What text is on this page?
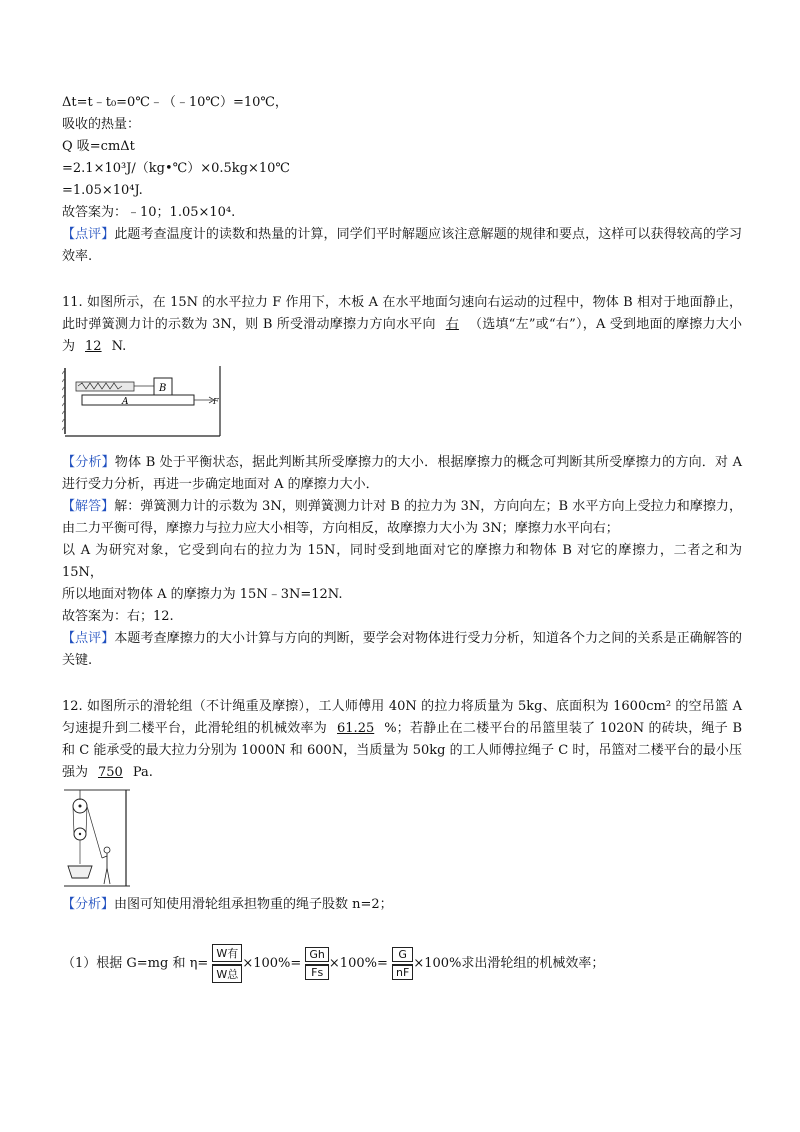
Δt=t﹣t₀=0℃﹣（﹣10℃）=10℃，
吸收的热量：
Q 吸=cmΔt
=2.1×10³J/（kg•℃）×0.5kg×10℃
=1.05×10⁴J.
故答案为：﹣10；1.05×10⁴.
【点评】此题考查温度计的读数和热量的计算，同学们平时解题应该注意解题的规律和要点，这样可以获得较高的学习效率.
11. 如图所示，在 15N 的水平拉力 F 作用下，木板 A 在水平地面匀速向右运动的过程中，物体 B 相对于地面静止，此时弹簧测力计的示数为 3N，则 B 所受滑动摩擦力方向水平向 右 （选填“左”或“右”），A 受到地面的摩擦力大小为 12 N.
B
A	F
【分析】物体 B 处于平衡状态，据此判断其所受摩擦力的大小．根据摩擦力的概念可判断其所受摩擦力的方向．对 A 进行受力分析，再进一步确定地面对 A 的摩擦力大小．
【解答】解：弹簧测力计的示数为 3N，则弹簧测力计对 B 的拉力为 3N，方向向左；B 水平方向上受拉力和摩擦力，由二力平衡可得，摩擦力与拉力应大小相等，方向相反，故摩擦力大小为 3N；摩擦力水平向右；
以 A 为研究对象，它受到向右的拉力为 15N，同时受到地面对它的摩擦力和物体 B 对它的摩擦力，二者之和为 15N，
所以地面对物体 A 的摩擦力为 15N﹣3N=12N.
故答案为：右；12.
【点评】本题考查摩擦力的大小计算与方向的判断，要学会对物体进行受力分析，知道各个力之间的关系是正确解答的关键.
12. 如图所示的滑轮组（不计绳重及摩擦），工人师傅用 40N 的拉力将质量为 5kg、底面积为 1600cm² 的空吊篮 A 匀速提升到二楼平台，此滑轮组的机械效率为 61.25 %；若静止在二楼平台的吊篮里装了 1020N 的砖块，绳子 B 和 C 能承受的最大拉力分别为 1000N 和 600N，当质量为 50kg 的工人师傅拉绳子 C 时，吊篮对二楼平台的最小压强为 750 Pa.
【分析】由图可知使用滑轮组承担物重的绳子股数 n=2；
（1）根据 G=mg 和 $\eta= \frac{\text{W有}}{\text{W总}} \times 100\%= \frac{Gh}{Fs} \times 100\%= \frac{G}{nF} \times 100\%$求出滑轮组的机械效率；
